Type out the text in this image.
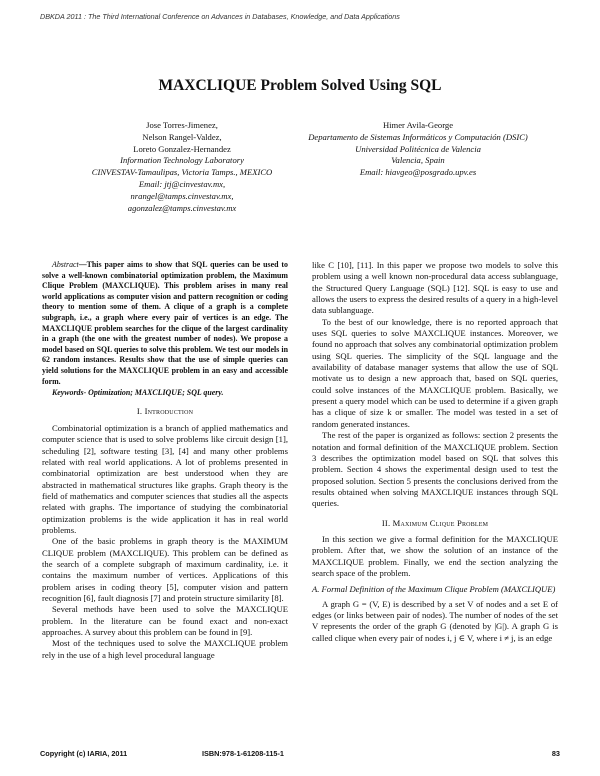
DBKDA 2011 : The Third International Conference on Advances in Databases, Knowledge, and Data Applications
MAXCLIQUE Problem Solved Using SQL
Jose Torres-Jimenez,
Nelson Rangel-Valdez,
Loreto Gonzalez-Hernandez
Information Technology Laboratory
CINVESTAV-Tamaulipas, Victoria Tamps., MEXICO
Email: jtj@cinvestav.mx,
nrangel@tamps.cinvestav.mx,
agonzalez@tamps.cinvestav.mx
Himer Avila-George
Departamento de Sistemas Informáticos y Computación (DSIC)
Universidad Politécnica de Valencia
Valencia, Spain
Email: hiavgeo@posgrado.upv.es

Abstract—This paper aims to show that SQL queries can be used to solve a well-known combinatorial optimization problem, the Maximum Clique Problem (MAXCLIQUE). This problem arises in many real world applications as computer vision and pattern recognition or coding theory to mention some of them. A clique of a graph is a complete subgraph, i.e., a graph where every pair of vertices is an edge. The MAXCLIQUE problem searches for the clique of the largest cardinality in a graph (the one with the greatest number of nodes). We propose a model based on SQL queries to solve this problem. We test our models in 62 random instances. Results show that the use of simple queries can yield solutions for the MAXCLIQUE problem in an easy and accessible form.

Keywords- Optimization; MAXCLIQUE; SQL query.

I. Introduction

Combinatorial optimization is a branch of applied mathematics and computer science that is used to solve problems like circuit design [1], scheduling [2], software testing [3], [4] and many other problems related with real world applications. A lot of problems presented in combinatorial optimization are best understood when they are abstracted in mathematical structures like graphs. Graph theory is the field of mathematics and computer sciences that studies all the aspects related with graphs. The importance of studying the combinatorial optimization problems is the wide application it has in real world problems.

One of the basic problems in graph theory is the MAXIMUM CLIQUE problem (MAXCLIQUE). This problem can be defined as the search of a complete subgraph of maximum cardinality, i.e. it contains the maximum number of vertices. Applications of this problem arises in coding theory [5], computer vision and pattern recognition [6], fault diagnosis [7] and protein structure similarity [8].

Several methods have been used to solve the MAXCLIQUE problem. In the literature can be found exact and non-exact approaches. A survey about this problem can be found in [9].

Most of the techniques used to solve the MAXCLIQUE problem rely in the use of a high level procedural language

like C [10], [11]. In this paper we propose two models to solve this problem using a well known non-procedural data access sublanguage, the Structured Query Language (SQL) [12]. SQL is easy to use and allows the users to express the desired results of a query in a high-level data sublanguage.

To the best of our knowledge, there is no reported approach that uses SQL queries to solve MAXCLIQUE instances. Moreover, we found no approach that solves any combinatorial optimization problem using SQL queries. The simplicity of the SQL language and the availability of database manager systems that allow the use of SQL motivate us to design a new approach that, based on SQL queries, could solve instances of the MAXCLIQUE problem. Basically, we present a query model which can be used to determine if a given graph has a clique of size k or smaller. The model was tested in a set of random generated instances.

The rest of the paper is organized as follows: section 2 presents the notation and formal definition of the MAXCLIQUE problem. Section 3 describes the optimization model based on SQL that solves this problem. Section 4 shows the experimental design used to test the proposed solution. Section 5 presents the conclusions derived from the results obtained when solving MAXCLIQUE instances through SQL queries.

II. Maximum Clique Problem

In this section we give a formal definition for the MAXCLIQUE problem. After that, we show the solution of an instance of the MAXCLIQUE problem. Finally, we end the section analyzing the search space of the problem.

A. Formal Definition of the Maximum Clique Problem (MAXCLIQUE)

A graph G = (V, E) is described by a set V of nodes and a set E of edges (or links between pair of nodes). The number of nodes of the set V represents the order of the graph G (denoted by |G|). A graph G is called clique when every pair of nodes i, j ∈ V, where i ≠ j, is an edge

Copyright (c) IARIA, 2011	ISBN:978-1-61208-115-1	83
